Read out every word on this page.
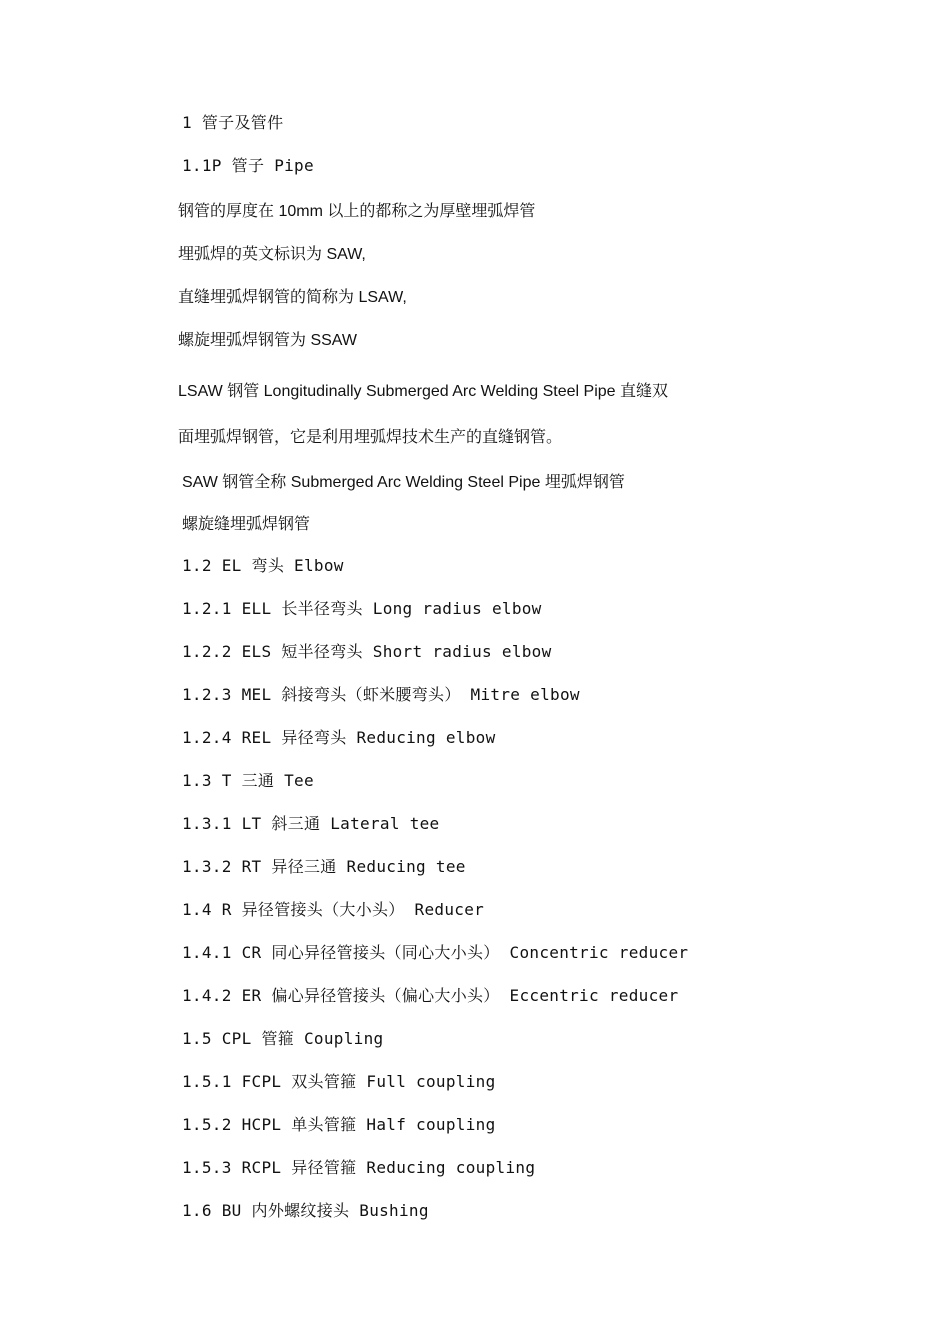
1 管子及管件
1.1P 管子 Pipe
钢管的厚度在 10mm 以上的都称之为厚壁埋弧焊管
埋弧焊的英文标识为 SAW,
直缝埋弧焊钢管的简称为 LSAW,
螺旋埋弧焊钢管为 SSAW
LSAW 钢管 Longitudinally Submerged Arc Welding Steel Pipe 直缝双
面埋弧焊钢管，它是利用埋弧焊技术生产的直缝钢管。
SAW 钢管全称 Submerged Arc Welding Steel Pipe 埋弧焊钢管
螺旋缝埋弧焊钢管
1.2 EL 弯头 Elbow
1.2.1 ELL 长半径弯头 Long radius elbow
1.2.2 ELS 短半径弯头 Short radius elbow
1.2.3 MEL 斜接弯头（虾米腰弯头） Mitre elbow
1.2.4 REL 异径弯头 Reducing elbow
1.3 T 三通 Tee
1.3.1 LT 斜三通 Lateral tee
1.3.2 RT 异径三通 Reducing tee
1.4 R 异径管接头（大小头） Reducer
1.4.1 CR 同心异径管接头（同心大小头） Concentric reducer
1.4.2 ER 偏心异径管接头（偏心大小头） Eccentric reducer
1.5 CPL 管箍 Coupling
1.5.1 FCPL 双头管箍 Full coupling
1.5.2 HCPL 单头管箍 Half coupling
1.5.3 RCPL 异径管箍 Reducing coupling
1.6 BU 内外螺纹接头 Bushing
